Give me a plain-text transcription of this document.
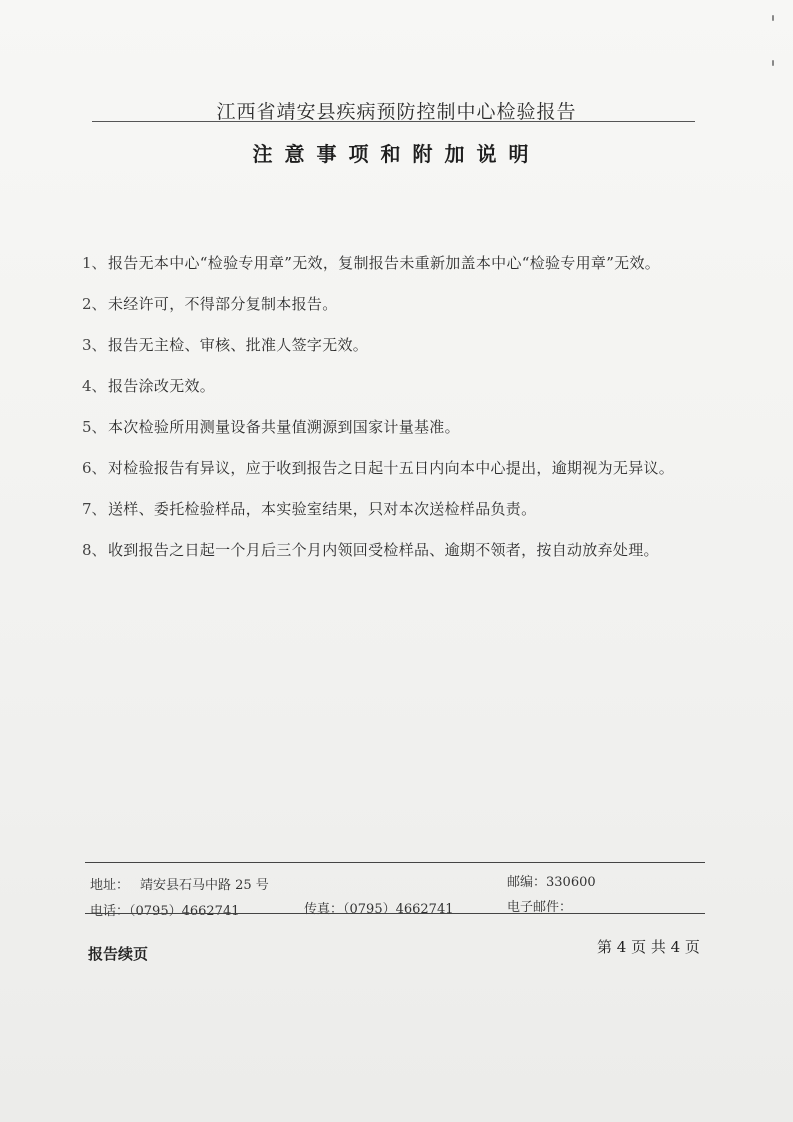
江西省靖安县疾病预防控制中心检验报告
注意事项和附加说明
1、 报告无本中心“检验专用章”无效，复制报告未重新加盖本中心“检验专用章”无效。
2、 未经许可，不得部分复制本报告。
3、 报告无主检、审核、批准人签字无效。
4、 报告涂改无效。
5、 本次检验所用测量设备共量值溯源到国家计量基准。
6、 对检验报告有异议，应于收到报告之日起十五日内向本中心提出，逾期视为无异议。
7、 送样、委托检验样品，本实验室结果，只对本次送检样品负责。
8、 收到报告之日起一个月后三个月内领回受检样品、逾期不领者，按自动放弃处理。
地址： 靖安县石马中路 25 号	邮编：330600
电话：（0795）4662741	传真：（0795）4662741	电子邮件：
报告续页	第 4 页 共 4 页
